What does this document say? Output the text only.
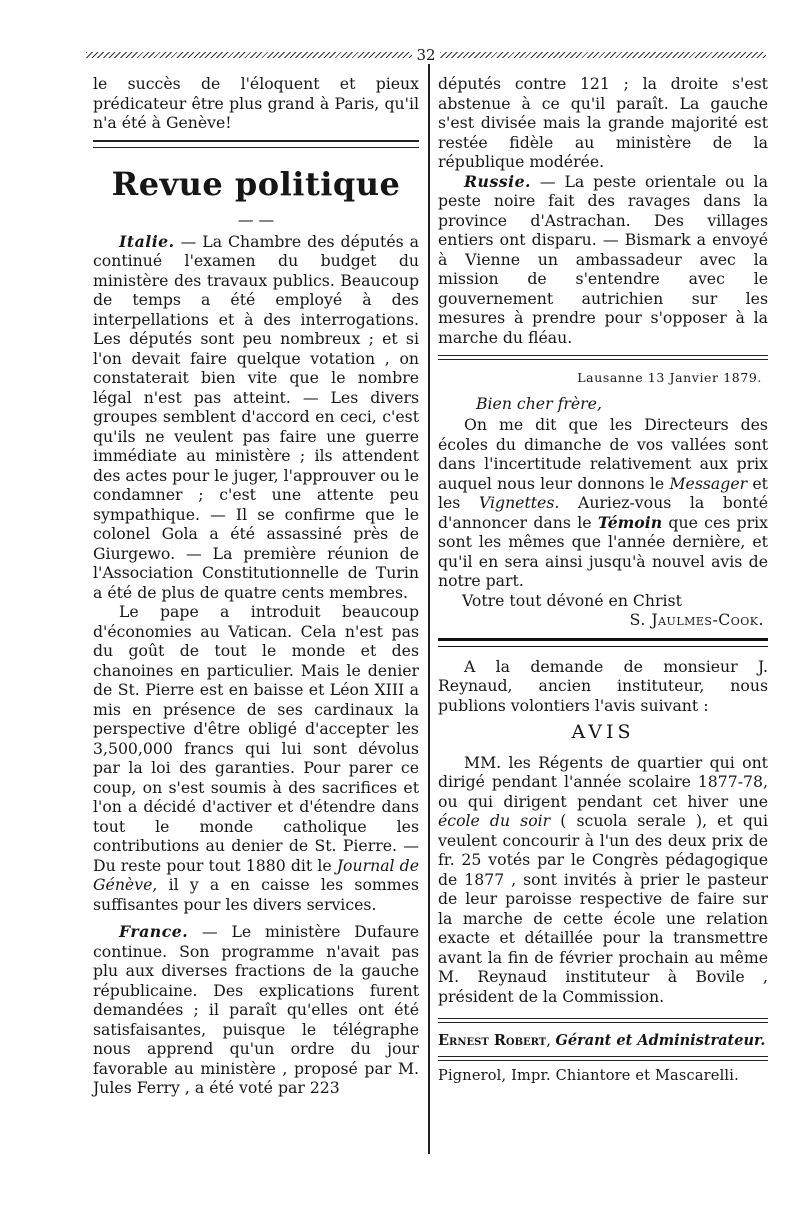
32

le succès de l'éloquent et pieux prédicateur être plus grand à Paris, qu'il n'a été à Genève!

Revue politique
— —

Italie. — La Chambre des députés a continué l'examen du budget du ministère des travaux publics. Beaucoup de temps a été employé à des interpellations et à des interrogations. Les députés sont peu nombreux ; et si l'on devait faire quelque votation , on constaterait bien vite que le nombre légal n'est pas atteint. — Les divers groupes semblent d'accord en ceci, c'est qu'ils ne veulent pas faire une guerre immédiate au ministère ; ils attendent des actes pour le juger, l'approuver ou le condamner ; c'est une attente peu sympathique. — Il se confirme que le colonel Gola a été assassiné près de Giurgewo. — La première réunion de l'Association Constitutionnelle de Turin a été de plus de quatre cents membres.

Le pape a introduit beaucoup d'économies au Vatican. Cela n'est pas du goût de tout le monde et des chanoines en particulier. Mais le denier de St. Pierre est en baisse et Léon XIII a mis en présence de ses cardinaux la perspective d'être obligé d'accepter les 3,500,000 francs qui lui sont dévolus par la loi des garanties. Pour parer ce coup, on s'est soumis à des sacrifices et l'on a décidé d'activer et d'étendre dans tout le monde catholique les contributions au denier de St. Pierre. — Du reste pour tout 1880 dit le Journal de Génève, il y a en caisse les sommes suffisantes pour les divers services.

France. — Le ministère Dufaure continue. Son programme n'avait pas plu aux diverses fractions de la gauche républicaine. Des explications furent demandées ; il paraît qu'elles ont été satisfaisantes, puisque le télégraphe nous apprend qu'un ordre du jour favorable au ministère , proposé par M. Jules Ferry , a été voté par 223

députés contre 121 ; la droite s'est abstenue à ce qu'il paraît. La gauche s'est divisée mais la grande majorité est restée fidèle au ministère de la république modérée.

Russie. — La peste orientale ou la peste noire fait des ravages dans la province d'Astrachan. Des villages entiers ont disparu. — Bismark a envoyé à Vienne un ambassadeur avec la mission de s'entendre avec le gouvernement autrichien sur les mesures à prendre pour s'opposer à la marche du fléau.

Lausanne 13 Janvier 1879.

Bien cher frère,

On me dit que les Directeurs des écoles du dimanche de vos vallées sont dans l'incertitude relativement aux prix auquel nous leur donnons le Messager et les Vignettes. Auriez-vous la bonté d'annoncer dans le Témoin que ces prix sont les mêmes que l'année dernière, et qu'il en sera ainsi jusqu'à nouvel avis de notre part.

Votre tout dévoné en Christ

S. Jaulmes-Cook.

A la demande de monsieur J. Reynaud, ancien instituteur, nous publions volontiers l'avis suivant :

AVIS

MM. les Régents de quartier qui ont dirigé pendant l'année scolaire 1877-78, ou qui dirigent pendant cet hiver une école du soir ( scuola serale ), et qui veulent concourir à l'un des deux prix de fr. 25 votés par le Congrès pédagogique de 1877 , sont invités à prier le pasteur de leur paroisse respective de faire sur la marche de cette école une relation exacte et détaillée pour la transmettre avant la fin de février prochain au même M. Reynaud instituteur à Bovile , président de la Commission.

Ernest Robert, Gérant et Administrateur.

Pignerol, Impr. Chiantore et Mascarelli.
